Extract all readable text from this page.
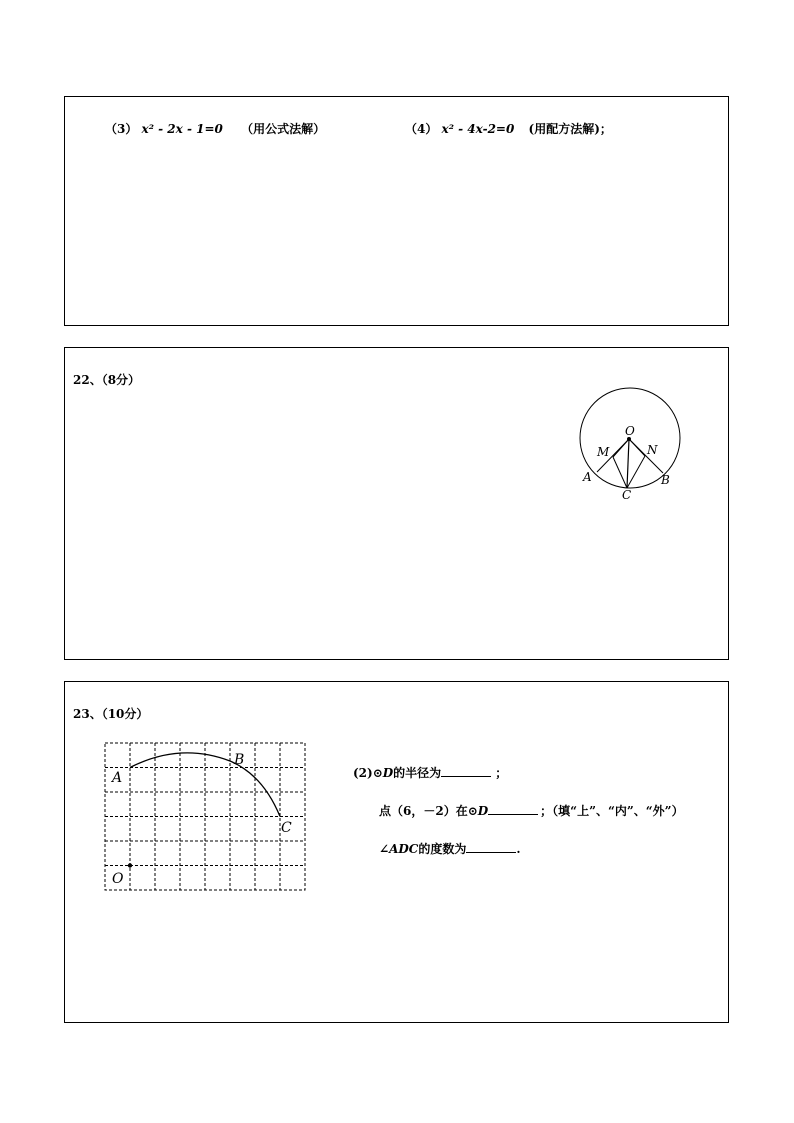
（3） x² - 2x - 1=0 （用公式法解）	（4） x² - 4x-2=0 (用配方法解)；
22、（8分）
O
M	N
A	B
C
23、（10分）
A
B
C
O
(2)⊙D的半径为	；
点（6，－2）在⊙D	；（填“上”、“内”、“外”）
∠ADC的度数为	.
